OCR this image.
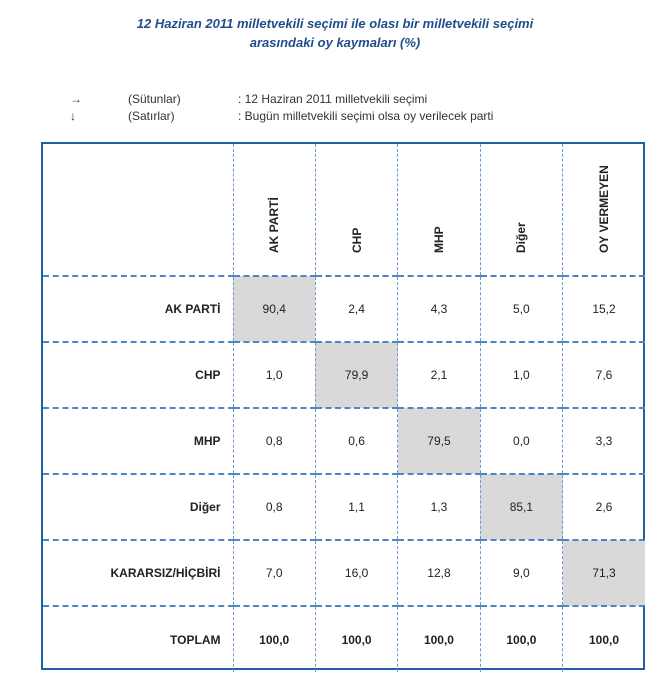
12 Haziran 2011 milletvekili seçimi ile olası bir milletvekili seçimi
arasındaki oy kaymaları (%)
→	(Sütunlar)	: 12 Haziran 2011 milletvekili seçimi
↓	(Satırlar)	: Bugün milletvekili seçimi olsa oy verilecek parti

	AK PARTİ	CHP	MHP	Diğer	OY VERMEYEN

AK PARTİ	90,4	2,4	4,3	5,0	15,2
CHP	1,0	79,9	2,1	1,0	7,6
MHP	0,8	0,6	79,5	0,0	3,3
Diğer	0,8	1,1	1,3	85,1	2,6
KARARSIZ/HİÇBİRİ	7,0	16,0	12,8	9,0	71,3
TOPLAM	100,0	100,0	100,0	100,0	100,0
